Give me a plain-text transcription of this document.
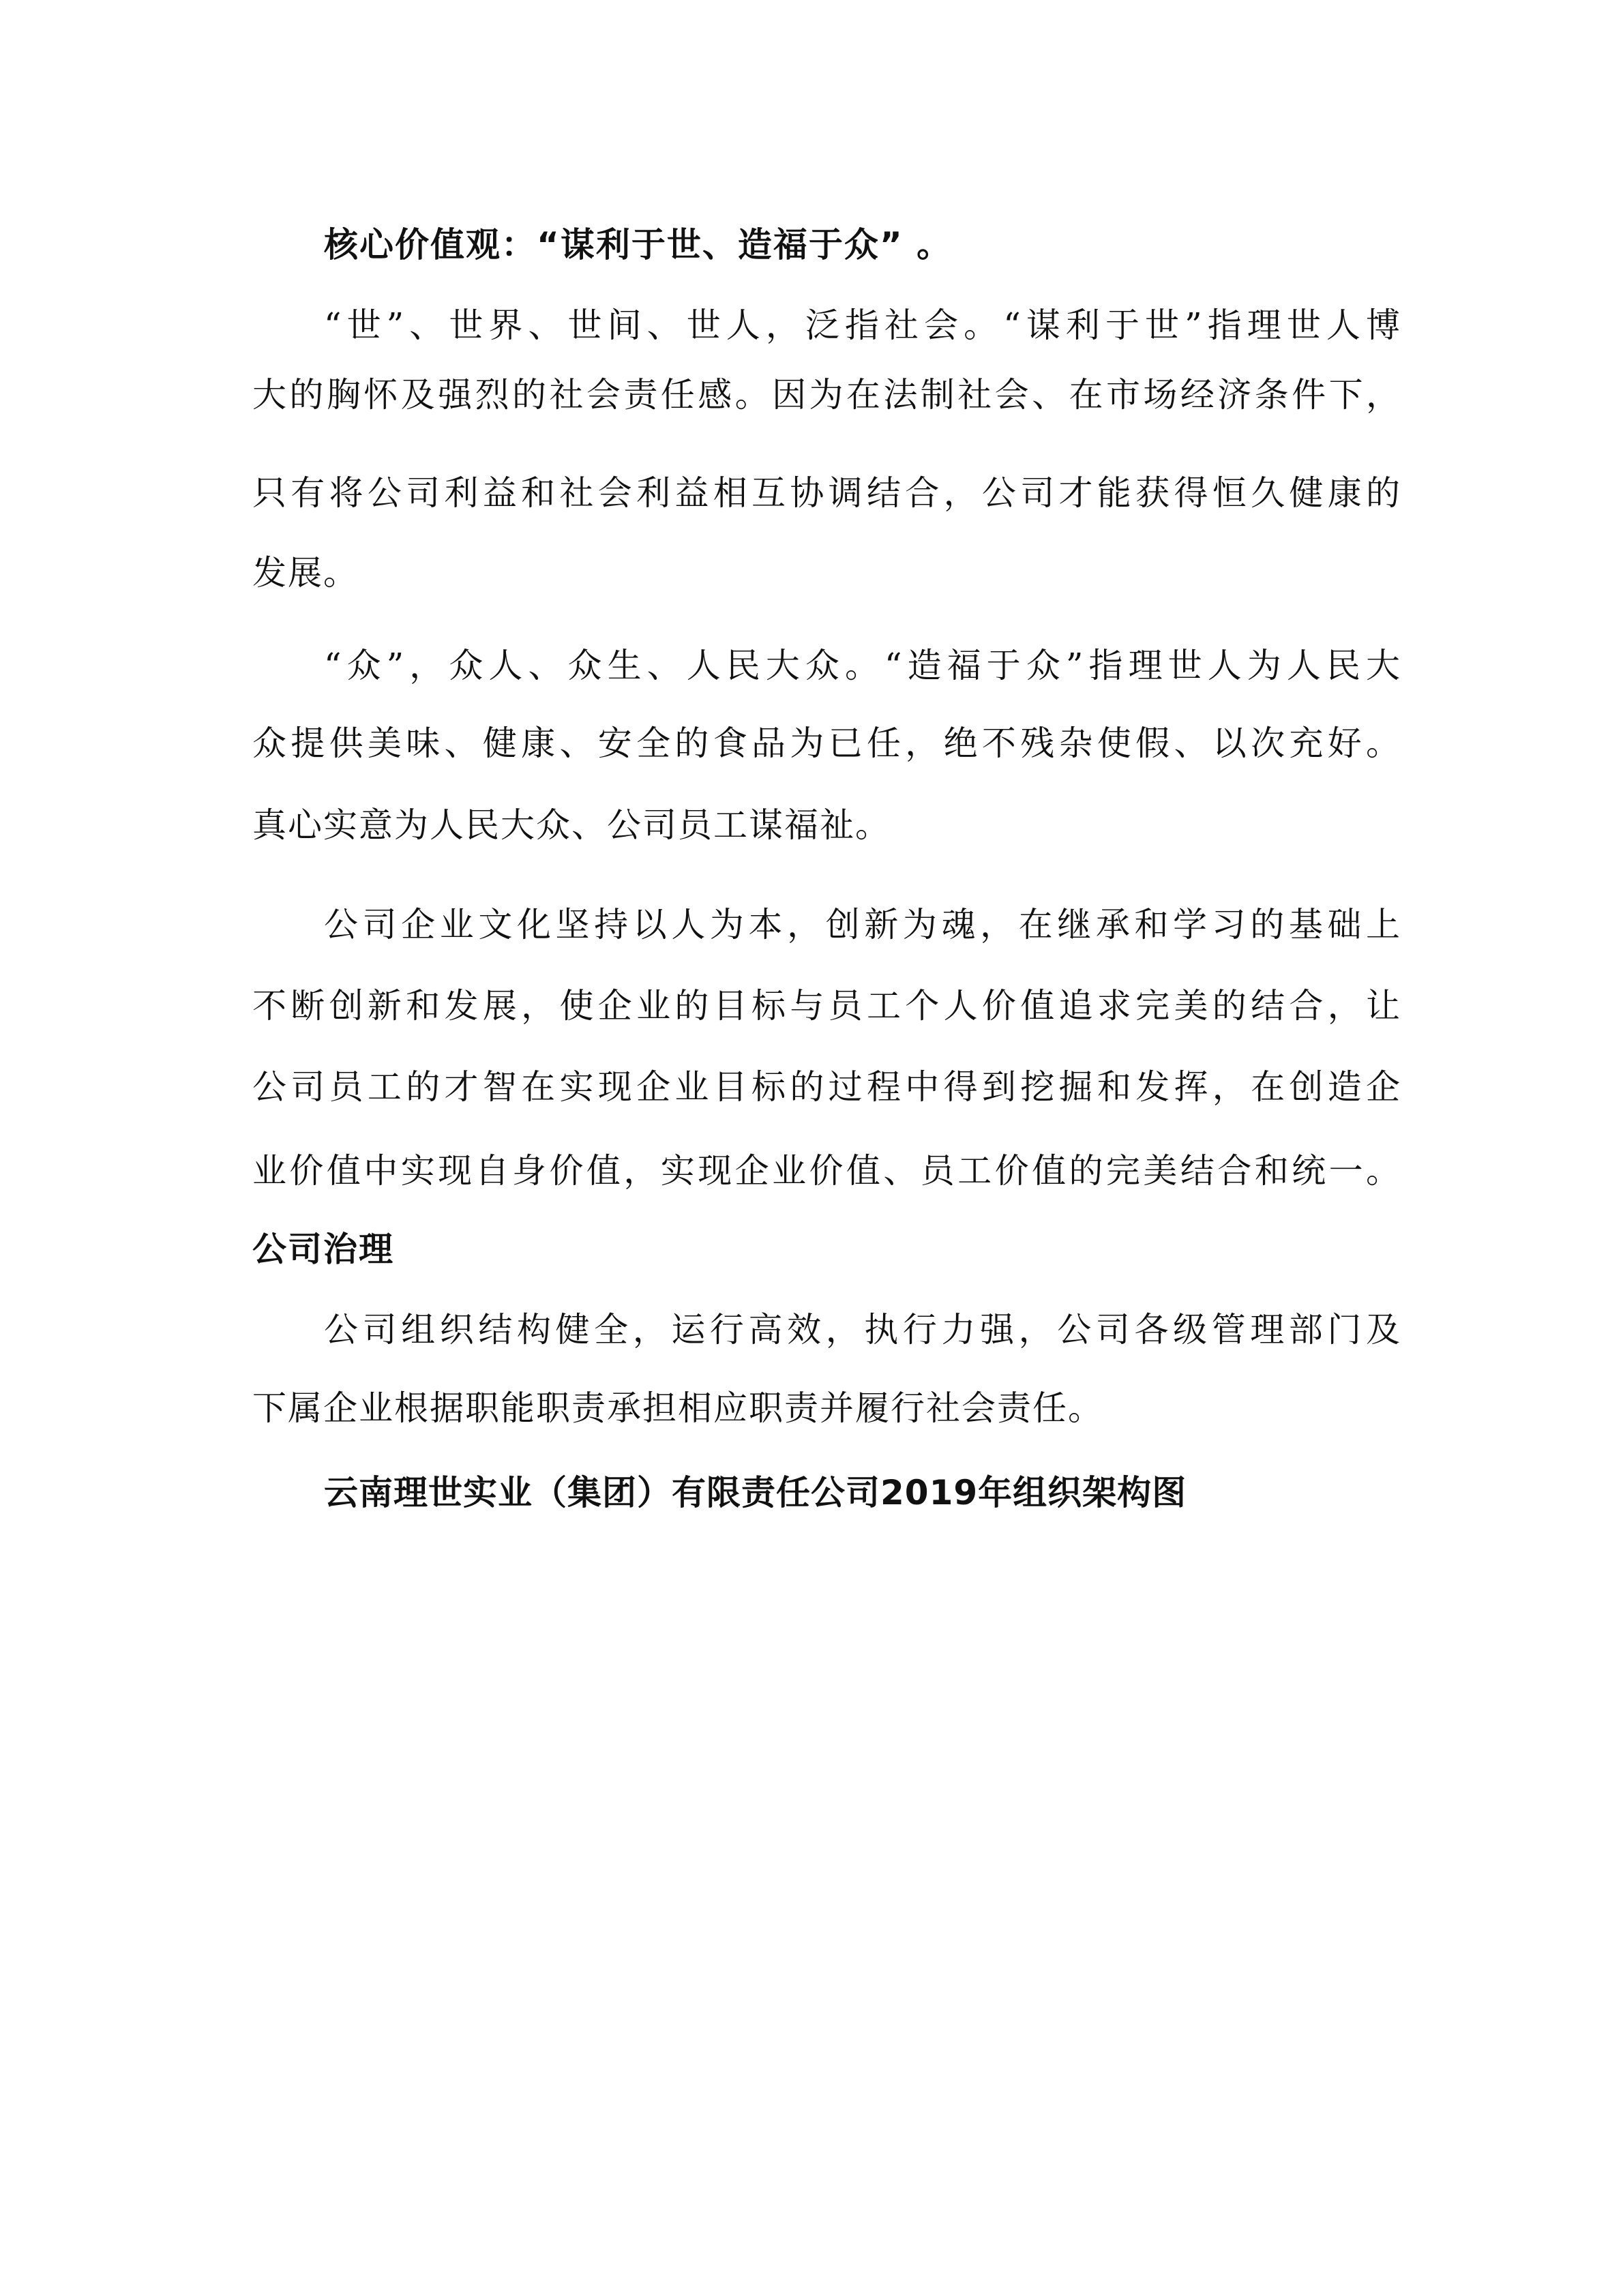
核心价值观：“谋利于世、造福于众” 。

“世”、世界、世间、世人，泛指社会。“谋利于世”指理世人博

大的胸怀及强烈的社会责任感。因为在法制社会、在市场经济条件下，

只有将公司利益和社会利益相互协调结合，公司才能获得恒久健康的

发展。

“众”，众人、众生、人民大众。“造福于众”指理世人为人民大

众提供美味、健康、安全的食品为已任，绝不残杂使假、以次充好。

真心实意为人民大众、公司员工谋福祉。

公司企业文化坚持以人为本，创新为魂，在继承和学习的基础上

不断创新和发展，使企业的目标与员工个人价值追求完美的结合，让

公司员工的才智在实现企业目标的过程中得到挖掘和发挥，在创造企

业价值中实现自身价值，实现企业价值、员工价值的完美结合和统一。

公司治理

公司组织结构健全，运行高效，执行力强，公司各级管理部门及

下属企业根据职能职责承担相应职责并履行社会责任。

云南理世实业（集团）有限责任公司2019年组织架构图
